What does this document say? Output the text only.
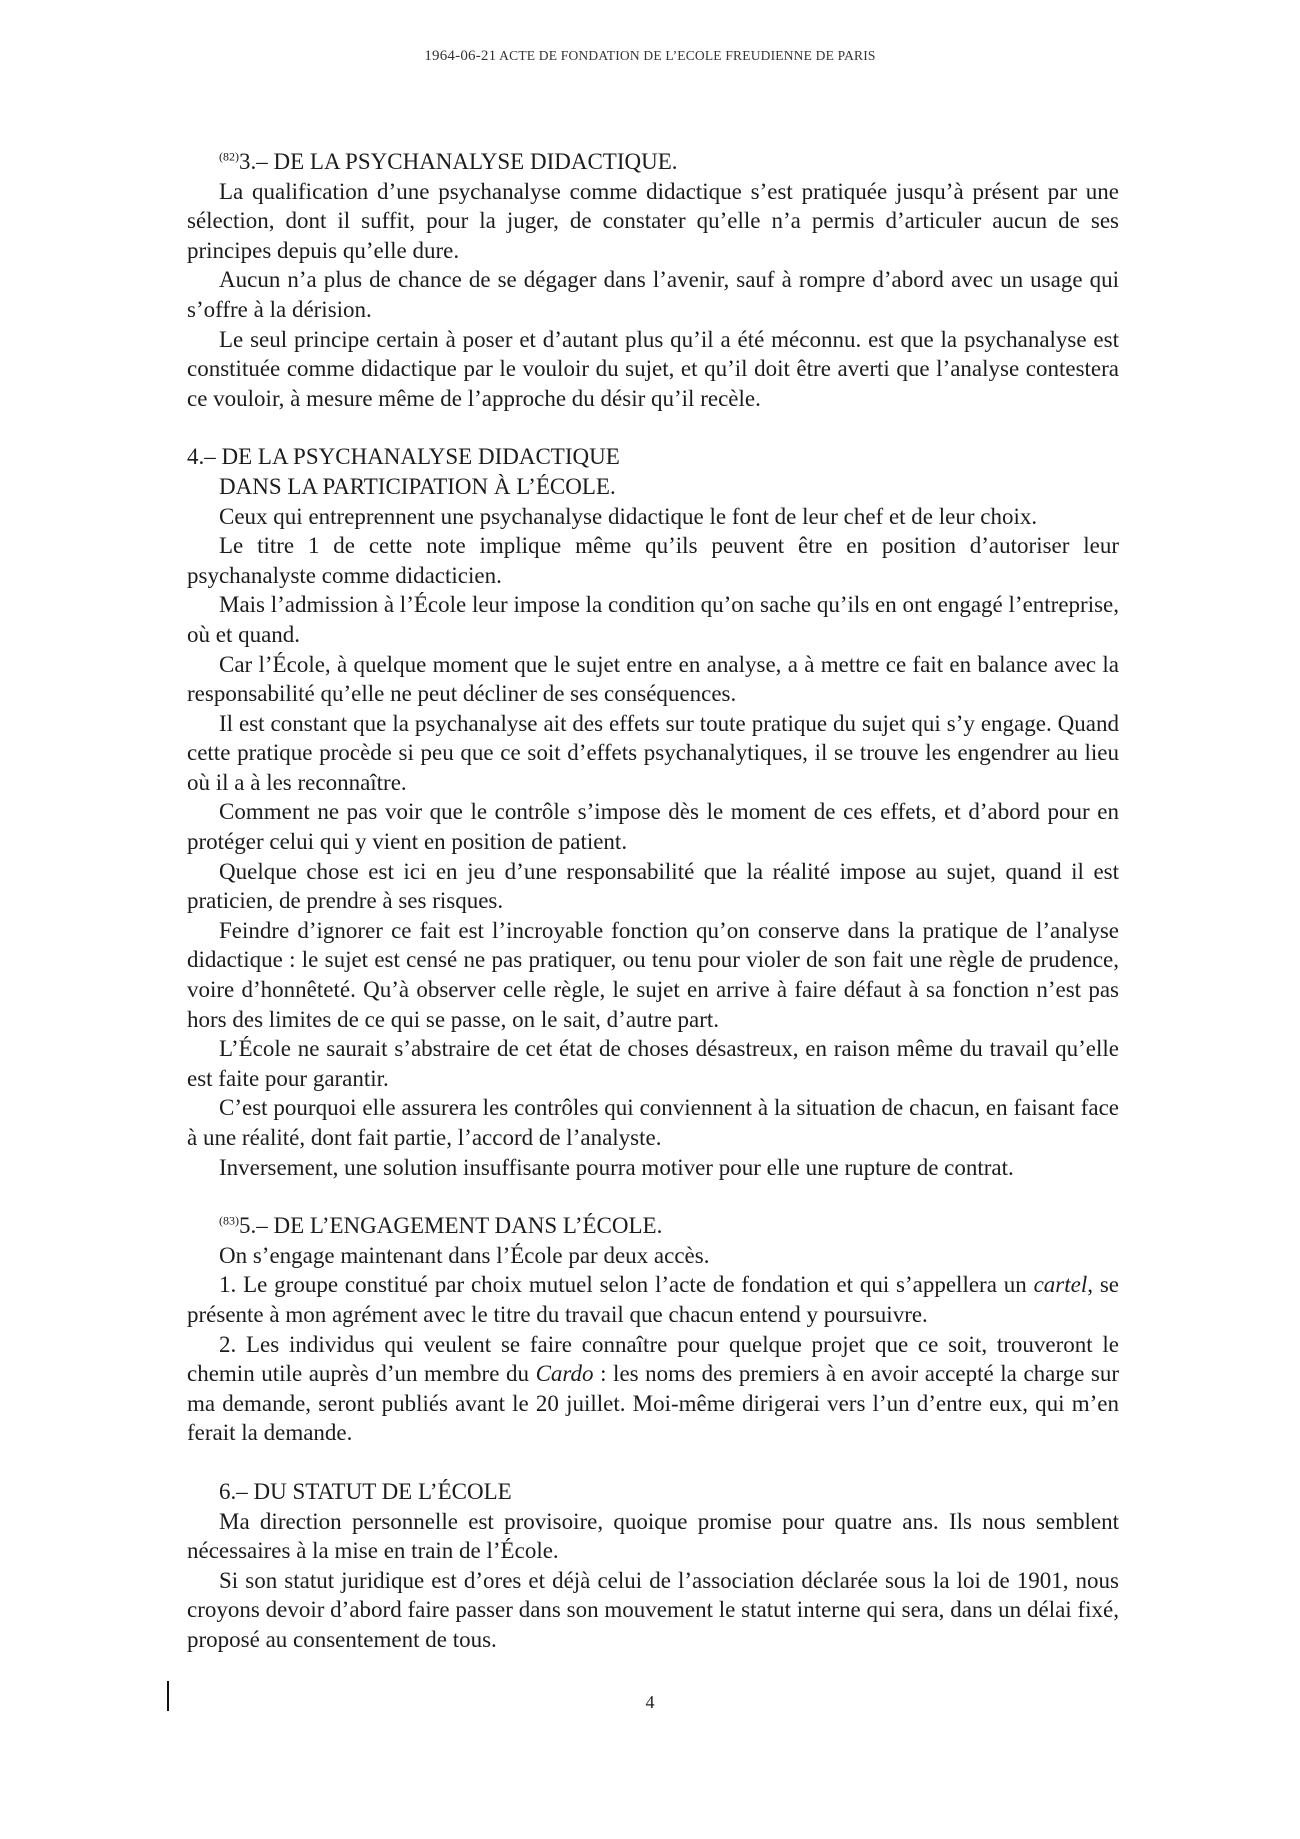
1964-06-21 ACTE DE FONDATION DE L’ECOLE FREUDIENNE DE PARIS
$^{(82)}$3.– DE LA PSYCHANALYSE DIDACTIQUE.

La qualification d’une psychanalyse comme didactique s’est pratiquée jusqu’à présent par une sélection, dont il suffit, pour la juger, de constater qu’elle n’a permis d’articuler aucun de ses principes depuis qu’elle dure.

Aucun n’a plus de chance de se dégager dans l’avenir, sauf à rompre d’abord avec un usage qui s’offre à la dérision.

Le seul principe certain à poser et d’autant plus qu’il a été méconnu. est que la psychanalyse est constituée comme didactique par le vouloir du sujet, et qu’il doit être averti que l’analyse contestera ce vouloir, à mesure même de l’approche du désir qu’il recèle.

4.– DE LA PSYCHANALYSE DIDACTIQUE
DANS LA PARTICIPATION À L’ÉCOLE.

Ceux qui entreprennent une psychanalyse didactique le font de leur chef et de leur choix.

Le titre 1 de cette note implique même qu’ils peuvent être en position d’autoriser leur psychanalyste comme didacticien.

Mais l’admission à l’École leur impose la condition qu’on sache qu’ils en ont engagé l’entreprise, où et quand.

Car l’École, à quelque moment que le sujet entre en analyse, a à mettre ce fait en balance avec la responsabilité qu’elle ne peut décliner de ses conséquences.

Il est constant que la psychanalyse ait des effets sur toute pratique du sujet qui s’y engage. Quand cette pratique procède si peu que ce soit d’effets psychanalytiques, il se trouve les engendrer au lieu où il a à les reconnaître.

Comment ne pas voir que le contrôle s’impose dès le moment de ces effets, et d’abord pour en protéger celui qui y vient en position de patient.

Quelque chose est ici en jeu d’une responsabilité que la réalité impose au sujet, quand il est praticien, de prendre à ses risques.

Feindre d’ignorer ce fait est l’incroyable fonction qu’on conserve dans la pratique de l’analyse didactique : le sujet est censé ne pas pratiquer, ou tenu pour violer de son fait une règle de prudence, voire d’honnêteté. Qu’à observer celle règle, le sujet en arrive à faire défaut à sa fonction n’est pas hors des limites de ce qui se passe, on le sait, d’autre part.

L’École ne saurait s’abstraire de cet état de choses désastreux, en raison même du travail qu’elle est faite pour garantir.

C’est pourquoi elle assurera les contrôles qui conviennent à la situation de chacun, en faisant face à une réalité, dont fait partie, l’accord de l’analyste.

Inversement, une solution insuffisante pourra motiver pour elle une rupture de contrat.

$^{(83)}$5.– DE L’ENGAGEMENT DANS L’ÉCOLE.

On s’engage maintenant dans l’École par deux accès.

1. Le groupe constitué par choix mutuel selon l’acte de fondation et qui s’appellera un cartel, se présente à mon agrément avec le titre du travail que chacun entend y poursuivre.

2. Les individus qui veulent se faire connaître pour quelque projet que ce soit, trouveront le chemin utile auprès d’un membre du Cardo : les noms des premiers à en avoir accepté la charge sur ma demande, seront publiés avant le 20 juillet. Moi-même dirigerai vers l’un d’entre eux, qui m’en ferait la demande.

6.– DU STATUT DE L’ÉCOLE

Ma direction personnelle est provisoire, quoique promise pour quatre ans. Ils nous semblent nécessaires à la mise en train de l’École.

Si son statut juridique est d’ores et déjà celui de l’association déclarée sous la loi de 1901, nous croyons devoir d’abord faire passer dans son mouvement le statut interne qui sera, dans un délai fixé, proposé au consentement de tous.

4
